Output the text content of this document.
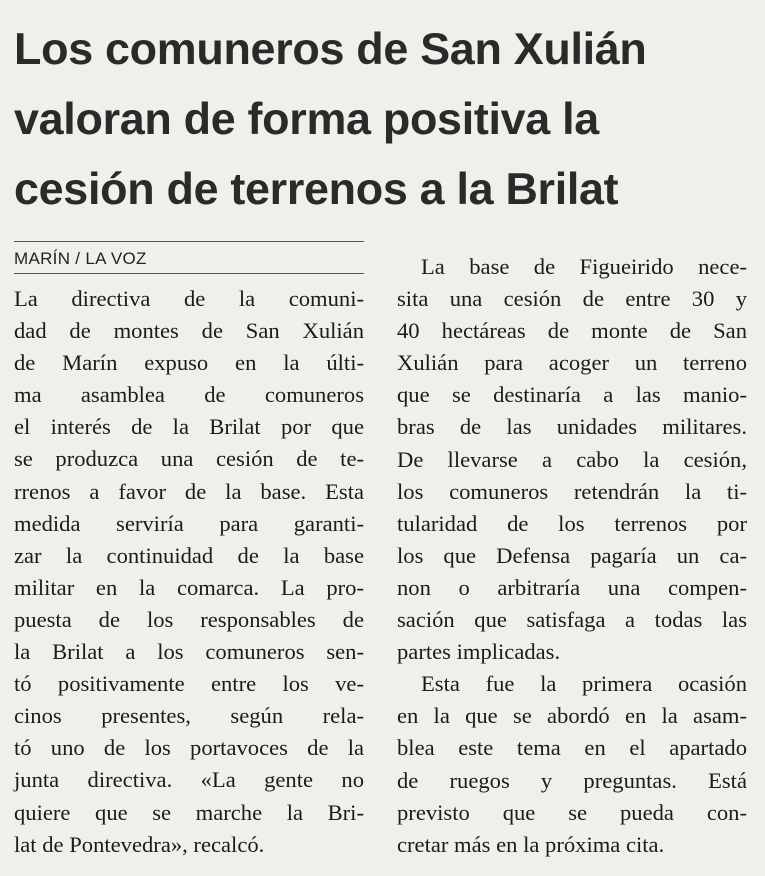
Los comuneros de San Xulián
valoran de forma positiva la
cesión de terrenos a la Brilat
MARÍN / LA VOZ
La directiva de la comuni-
dad de montes de San Xulián
de Marín expuso en la últi-
ma asamblea de comuneros
el interés de la Brilat por que
se produzca una cesión de te-
rrenos a favor de la base. Esta
medida serviría para garanti-
zar la continuidad de la base
militar en la comarca. La pro-
puesta de los responsables de
la Brilat a los comuneros sen-
tó positivamente entre los ve-
cinos presentes, según rela-
tó uno de los portavoces de la
junta directiva. «La gente no
quiere que se marche la Bri-
lat de Pontevedra», recalcó.
La base de Figueirido nece-
sita una cesión de entre 30 y
40 hectáreas de monte de San
Xulián para acoger un terreno
que se destinaría a las manio-
bras de las unidades militares.
De llevarse a cabo la cesión,
los comuneros retendrán la ti-
tularidad de los terrenos por
los que Defensa pagaría un ca-
non o arbitraría una compen-
sación que satisfaga a todas las
partes implicadas.
Esta fue la primera ocasión
en la que se abordó en la asam-
blea este tema en el apartado
de ruegos y preguntas. Está
previsto que se pueda con-
cretar más en la próxima cita.
